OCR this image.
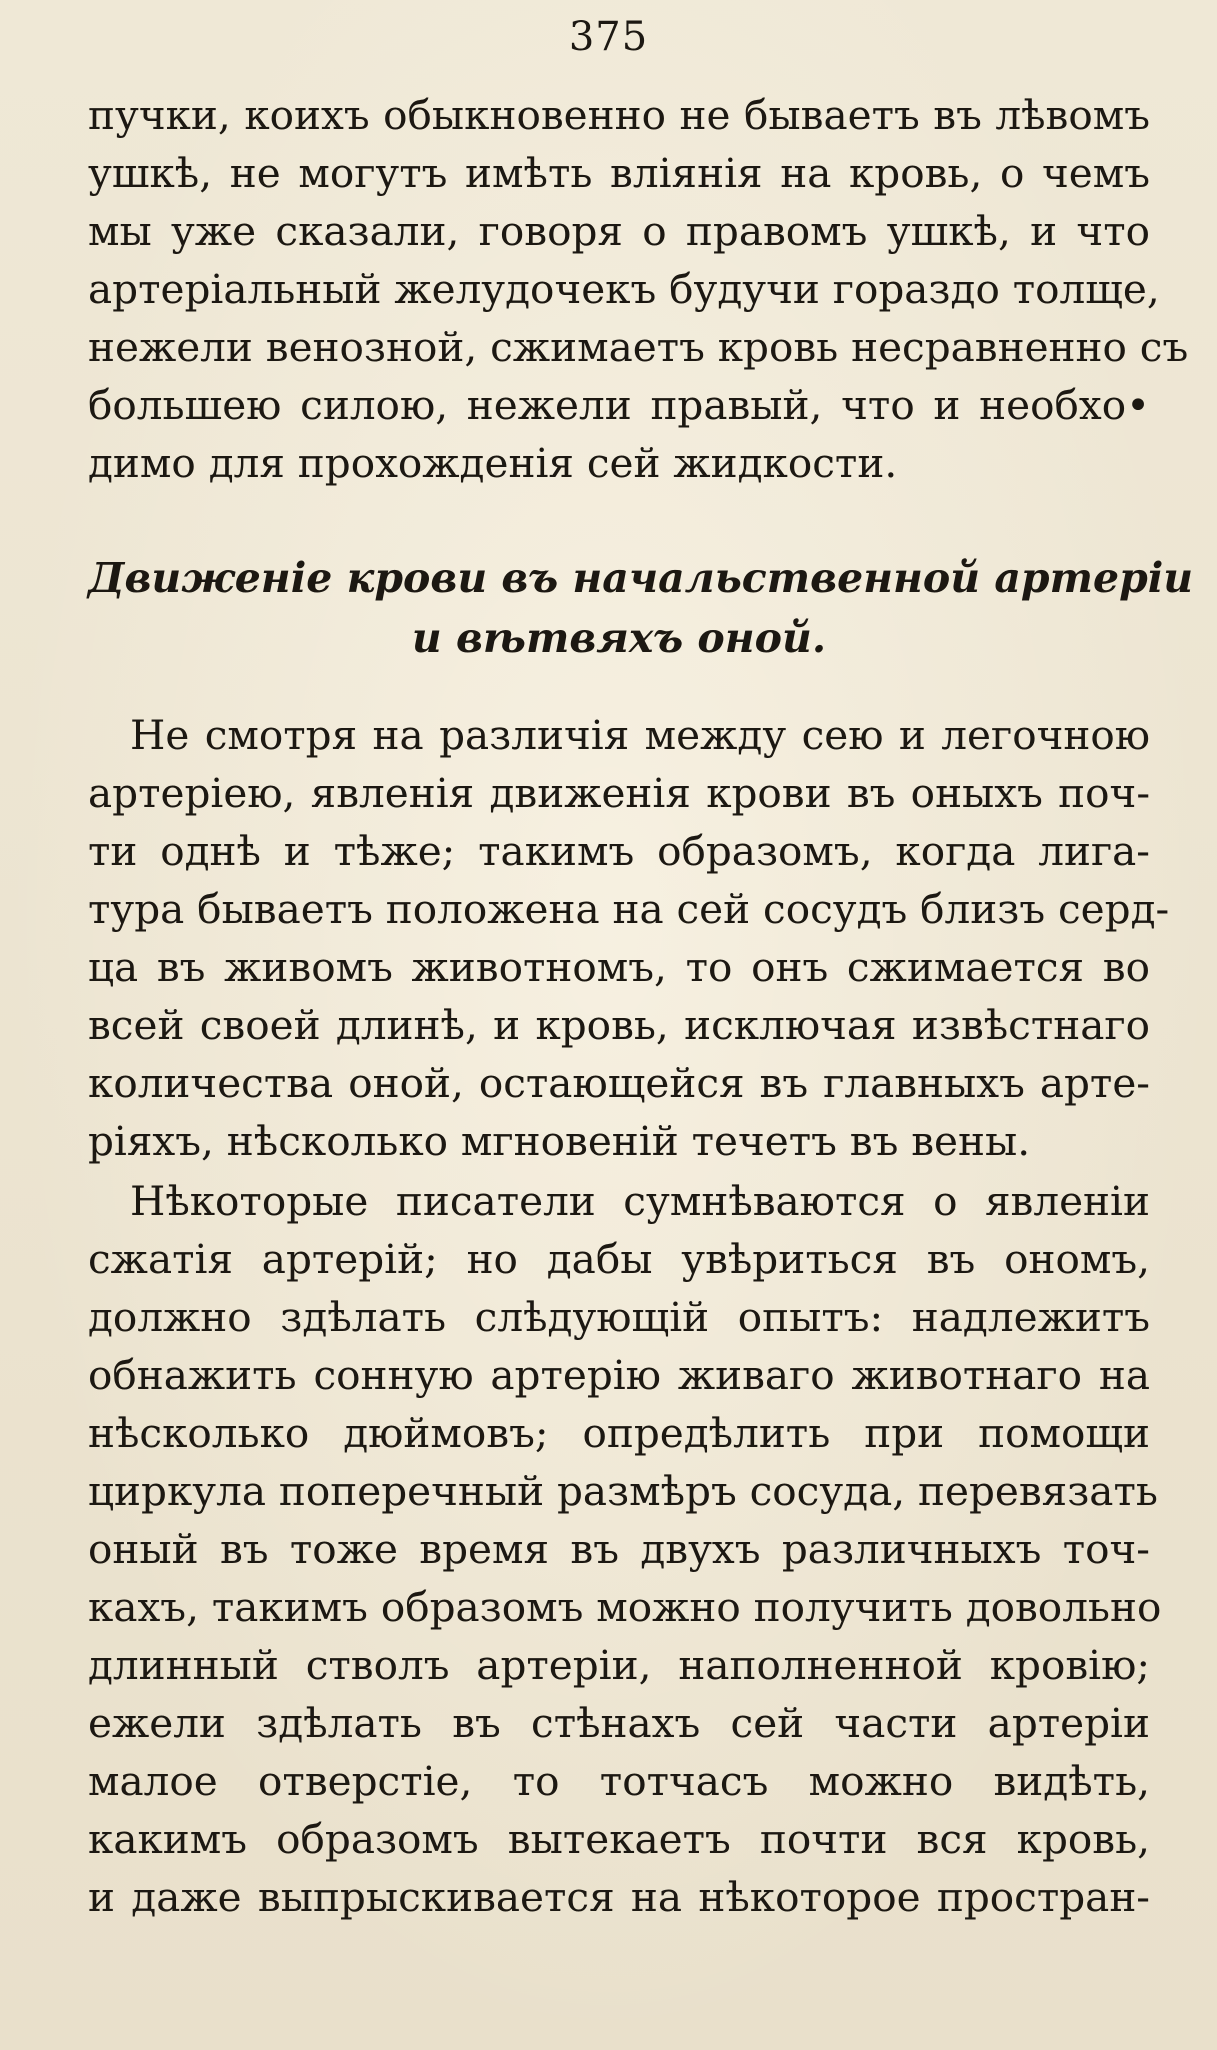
375
пучки, коихъ обыкновенно не бываетъ въ лѣвомъ
ушкѣ, не могутъ имѣть вліянія на кровь, о чемъ
мы уже сказали, говоря о правомъ ушкѣ, и что
артеріальный желудочекъ будучи гораздо толще,
нежели венозной, сжимаетъ кровь несравненно съ
большею силою, нежели правый, что и необхо•
димо для прохожденія сей жидкости.
Движеніе крови въ начальственной артеріи
и вѣтвяхъ оной.
Не смотря на различія между сею и легочною
артеріею, явленія движенія крови въ оныхъ поч-
ти однѣ и тѣже; такимъ образомъ, когда лига-
тура бываетъ положена на сей сосудъ близъ серд-
ца въ живомъ животномъ, то онъ сжимается во
всей своей длинѣ, и кровь, исключая извѣстнаго
количества оной, остающейся въ главныхъ арте-
ріяхъ, нѣсколько мгновеній течетъ въ вены.
Нѣкоторые писатели сумнѣваются о явленіи
сжатія артерій; но дабы увѣриться въ ономъ,
должно здѣлать слѣдующій опытъ: надлежитъ
обнажить сонную артерію живаго животнаго на
нѣсколько дюймовъ; опредѣлить при помощи
циркула поперечный размѣръ сосуда, перевязать
оный въ тоже время въ двухъ различныхъ точ-
кахъ, такимъ образомъ можно получить довольно
длинный стволъ артеріи, наполненной кровію;
ежели здѣлать въ стѣнахъ сей части артеріи
малое отверстіе, то тотчасъ можно видѣть,
какимъ образомъ вытекаетъ почти вся кровь,
и даже выпрыскивается на нѣкоторое простран-
